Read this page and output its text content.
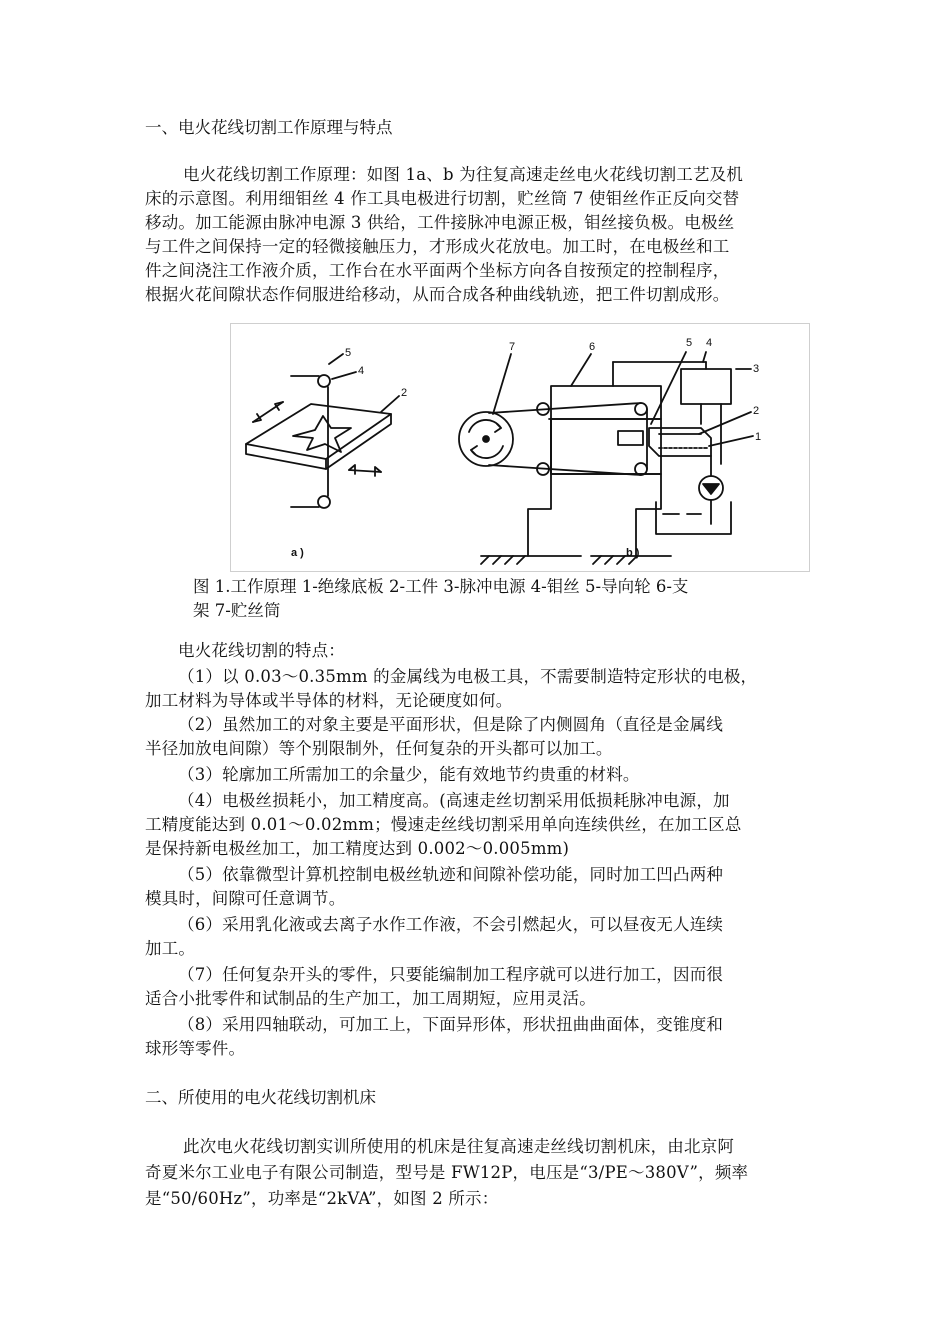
一、电火花线切割工作原理与特点
电火花线切割工作原理：如图 1a、b 为往复高速走丝电火花线切割工艺及机
床的示意图。利用细钼丝 4 作工具电极进行切割，贮丝筒 7 使钼丝作正反向交替
移动。加工能源由脉冲电源 3 供给，工件接脉冲电源正极，钼丝接负极。电极丝
与工件之间保持一定的轻微接触压力，才形成火花放电。加工时，在电极丝和工
件之间浇注工作液介质，工作台在水平面两个坐标方向各自按预定的控制程序，
根据火花间隙状态作伺服进给移动，从而合成各种曲线轨迹，把工件切割成形。
5
4
2
7	6	5 4
3
2
1
a )	b )
图 1.工作原理 1-绝缘底板 2-工件 3-脉冲电源 4-钼丝 5-导向轮 6-支
架 7-贮丝筒
电火花线切割的特点：
（1）以 0.03～0.35mm 的金属线为电极工具，不需要制造特定形状的电极，
加工材料为导体或半导体的材料，无论硬度如何。
（2）虽然加工的对象主要是平面形状，但是除了内侧圆角（直径是金属线
半径加放电间隙）等个别限制外，任何复杂的开头都可以加工。
（3）轮廓加工所需加工的余量少，能有效地节约贵重的材料。
（4）电极丝损耗小，加工精度高。(高速走丝切割采用低损耗脉冲电源，加
工精度能达到 0.01～0.02mm；慢速走丝线切割采用单向连续供丝，在加工区总
是保持新电极丝加工，加工精度达到 0.002～0.005mm)
（5）依靠微型计算机控制电极丝轨迹和间隙补偿功能，同时加工凹凸两种
模具时，间隙可任意调节。
（6）采用乳化液或去离子水作工作液，不会引燃起火，可以昼夜无人连续
加工。
（7）任何复杂开头的零件，只要能编制加工程序就可以进行加工，因而很
适合小批零件和试制品的生产加工，加工周期短，应用灵活。
（8）采用四轴联动，可加工上，下面异形体，形状扭曲曲面体，变锥度和
球形等零件。
二、所使用的电火花线切割机床
此次电火花线切割实训所使用的机床是往复高速走丝线切割机床，由北京阿
奇夏米尔工业电子有限公司制造，型号是 FW12P，电压是“3/PE～380V”，频率
是“50/60Hz”，功率是“2kVA”，如图 2 所示：
